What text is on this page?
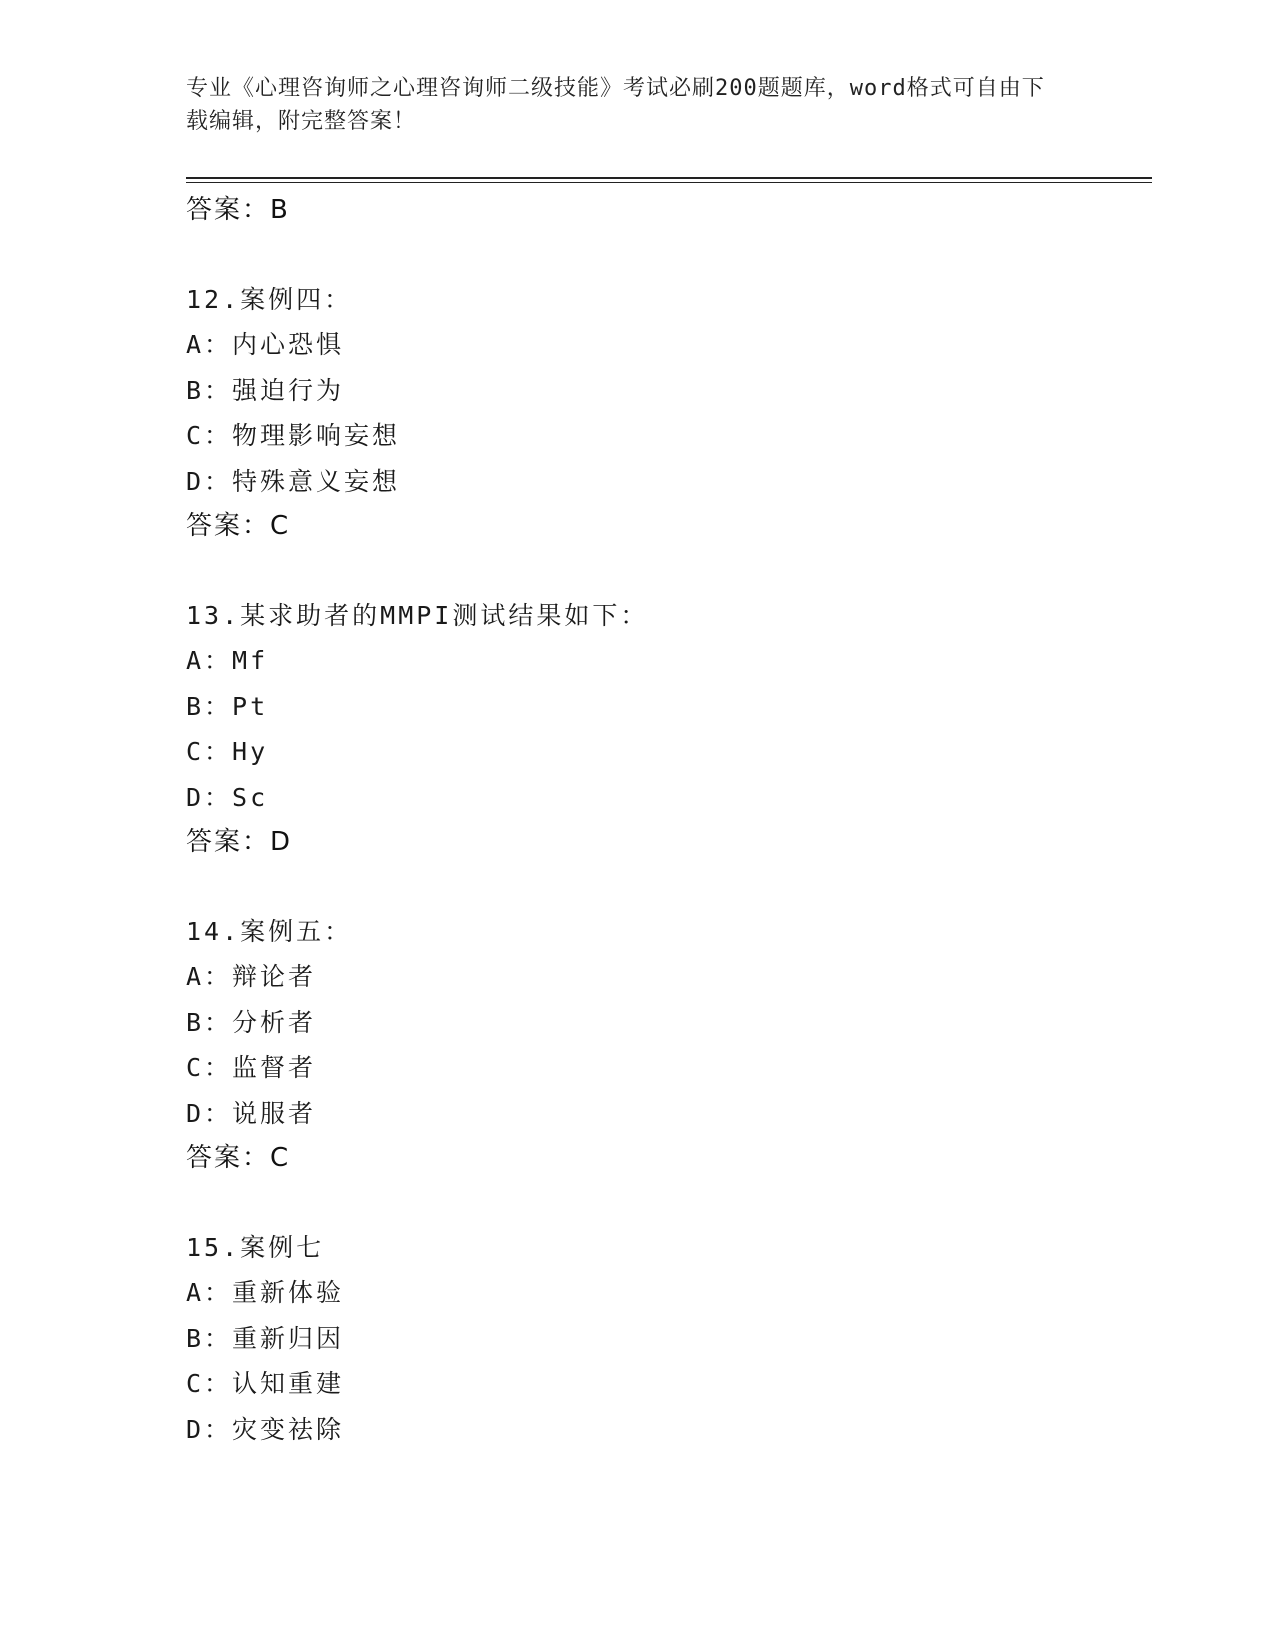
专业《心理咨询师之心理咨询师二级技能》考试必刷200题题库，word格式可自由下载编辑，附完整答案！
答案：B
12.案例四：
A：内心恐惧
B：强迫行为
C：物理影响妄想
D：特殊意义妄想
答案：C
13.某求助者的MMPI测试结果如下：
A：Mf
B：Pt
C：Hy
D：Sc
答案：D
14.案例五：
A：辩论者
B：分析者
C：监督者
D：说服者
答案：C
15.案例七
A：重新体验
B：重新归因
C：认知重建
D：灾变祛除
